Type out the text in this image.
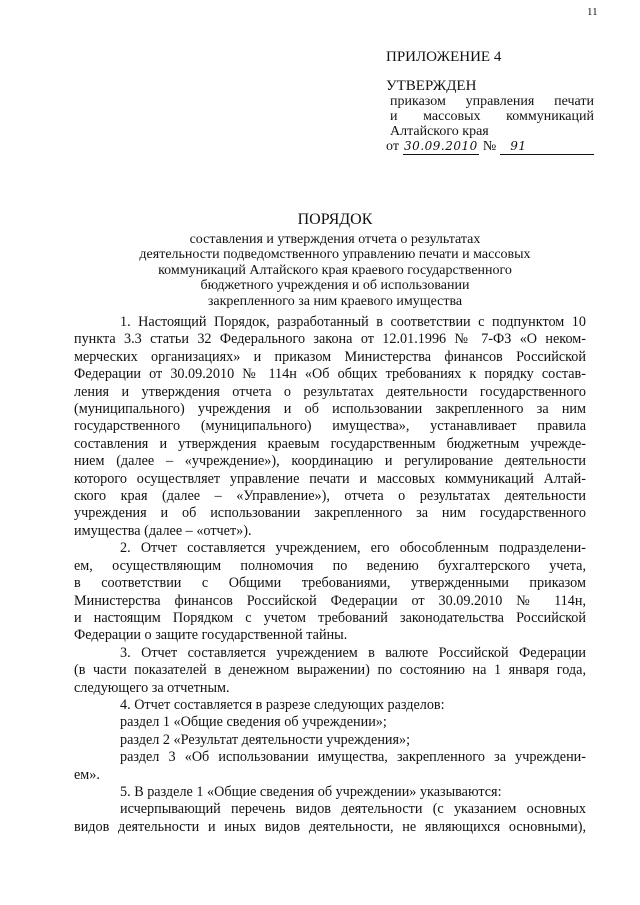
11
ПРИЛОЖЕНИЕ 4
УТВЕРЖДЕН
приказом управления печати
и массовых коммуникаций
Алтайского края
от 30.09.2010 №	91
ПОРЯДОК
составления и утверждения отчета о результатах
деятельности подведомственного управлению печати и массовых
коммуникаций Алтайского края краевого государственного
бюджетного учреждения и об использовании
закрепленного за ним краевого имущества
1. Настоящий Порядок, разработанный в соответствии с подпунктом 10
пункта 3.3 статьи 32 Федерального закона от 12.01.1996 № 7-ФЗ «О неком-
мерческих организациях» и приказом Министерства финансов Российской
Федерации от 30.09.2010 № 114н «Об общих требованиях к порядку состав-
ления и утверждения отчета о результатах деятельности государственного
(муниципального) учреждения и об использовании закрепленного за ним
государственного (муниципального) имущества», устанавливает правила
составления и утверждения краевым государственным бюджетным учрежде-
нием (далее – «учреждение»), координацию и регулирование деятельности
которого осуществляет управление печати и массовых коммуникаций Алтай-
ского края (далее – «Управление»), отчета о результатах деятельности
учреждения и об использовании закрепленного за ним государственного
имущества (далее – «отчет»).
2. Отчет составляется учреждением, его обособленным подразделени-
ем, осуществляющим полномочия по ведению бухгалтерского учета,
в соответствии с Общими требованиями, утвержденными приказом
Министерства финансов Российской Федерации от 30.09.2010 № 114н,
и настоящим Порядком с учетом требований законодательства Российской
Федерации о защите государственной тайны.
3. Отчет составляется учреждением в валюте Российской Федерации
(в части показателей в денежном выражении) по состоянию на 1 января года,
следующего за отчетным.
4. Отчет составляется в разрезе следующих разделов:
раздел 1 «Общие сведения об учреждении»;
раздел 2 «Результат деятельности учреждения»;
раздел 3 «Об использовании имущества, закрепленного за учреждени-
ем».
5. В разделе 1 «Общие сведения об учреждении» указываются:
исчерпывающий перечень видов деятельности (с указанием основных
видов деятельности и иных видов деятельности, не являющихся основными),
